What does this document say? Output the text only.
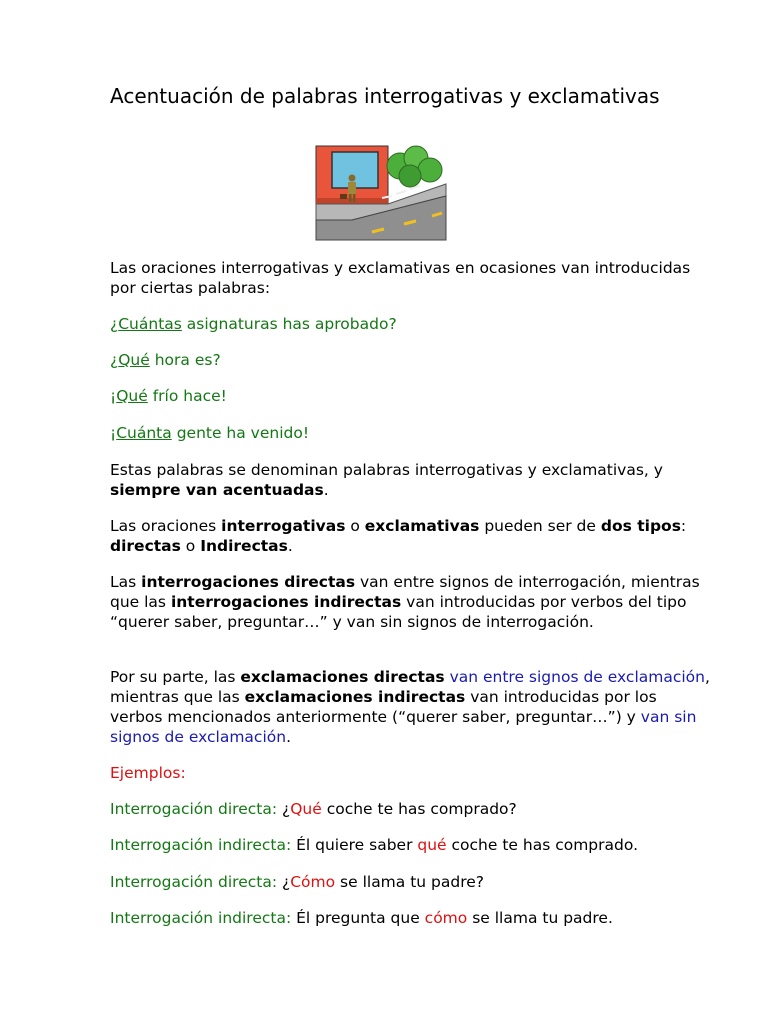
Acentuación de palabras interrogativas y exclamativas

Las oraciones interrogativas y exclamativas en ocasiones van introducidas por ciertas palabras:

¿Cuántas asignaturas has aprobado?

¿Qué hora es?

¡Qué frío hace!

¡Cuánta gente ha venido!

Estas palabras se denominan palabras interrogativas y exclamativas, y siempre van acentuadas.

Las oraciones interrogativas o exclamativas pueden ser de dos tipos: directas o Indirectas.

Las interrogaciones directas van entre signos de interrogación, mientras que las interrogaciones indirectas van introducidas por verbos del tipo “querer saber, preguntar…” y van sin signos de interrogación.

Por su parte, las exclamaciones directas van entre signos de exclamación, mientras que las exclamaciones indirectas van introducidas por los verbos mencionados anteriormente (“querer saber, preguntar…”) y van sin signos de exclamación.

Ejemplos:

Interrogación directa: ¿Qué coche te has comprado?

Interrogación indirecta: Él quiere saber qué coche te has comprado.

Interrogación directa: ¿Cómo se llama tu padre?

Interrogación indirecta: Él pregunta que cómo se llama tu padre.
